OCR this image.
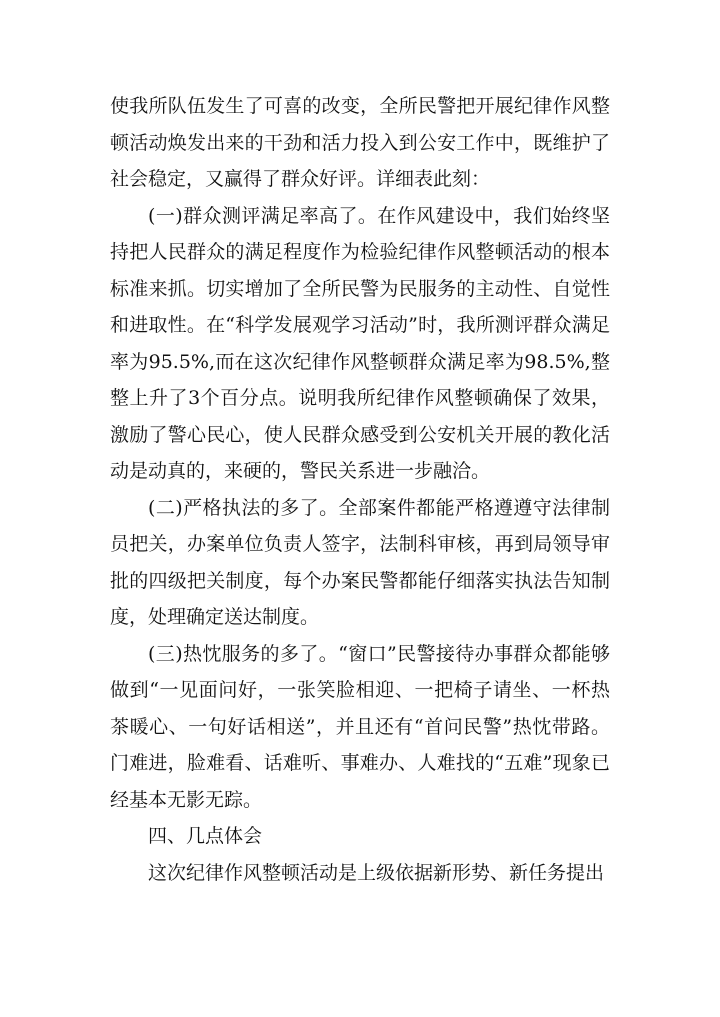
使我所队伍发生了可喜的改变，全所民警把开展纪律作风整顿活动焕发出来的干劲和活力投入到公安工作中，既维护了社会稳定，又赢得了群众好评。详细表此刻：

(一)群众测评满足率高了。在作风建设中，我们始终坚持把人民群众的满足程度作为检验纪律作风整顿活动的根本标准来抓。切实增加了全所民警为民服务的主动性、自觉性和进取性。在“科学发展观学习活动”时，我所测评群众满足率为95.5%,而在这次纪律作风整顿群众满足率为98.5%,整整上升了3个百分点。说明我所纪律作风整顿确保了效果，激励了警心民心，使人民群众感受到公安机关开展的教化活动是动真的，来硬的，警民关系进一步融洽。

(二)严格执法的多了。全部案件都能严格遵遵守法律制员把关，办案单位负责人签字，法制科审核，再到局领导审批的四级把关制度，每个办案民警都能仔细落实执法告知制度，处理确定送达制度。

(三)热忱服务的多了。“窗口”民警接待办事群众都能够做到“一见面问好，一张笑脸相迎、一把椅子请坐、一杯热茶暖心、一句好话相送”，并且还有“首问民警”热忱带路。门难进，脸难看、话难听、事难办、人难找的“五难”现象已经基本无影无踪。

四、几点体会

这次纪律作风整顿活动是上级依据新形势、新任务提出
